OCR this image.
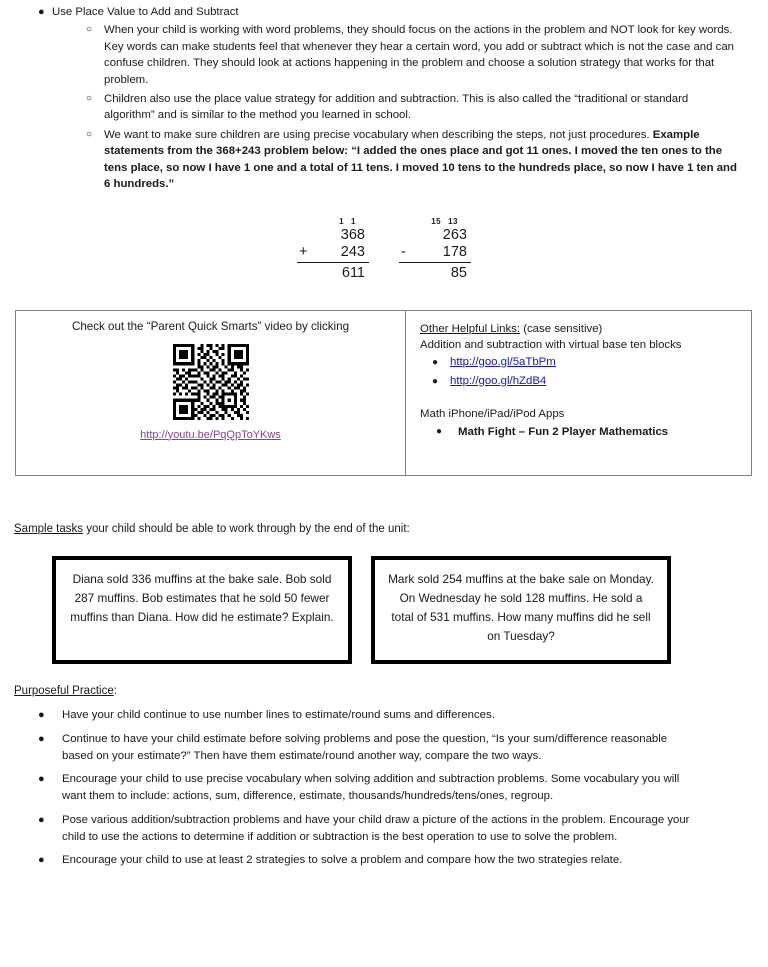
● Use Place Value to Add and Subtract
○	When your child is working with word problems, they should focus on the actions in the problem and NOT look for key words. Key words can make students feel that whenever they hear a certain word, you add or subtract which is not the case and can confuse children. They should look at actions happening in the problem and choose a solution strategy that works for that problem.
○	Children also use the place value strategy for addition and subtraction. This is also called the “traditional or standard algorithm” and is similar to the method you learned in school.
○	We want to make sure children are using precise vocabulary when describing the steps, not just procedures. Example statements from the 368+243 problem below: “I added the ones place and got 11 ones. I moved the ten ones to the tens place, so now I have 1 one and a total of 11 tens. I moved 10 tens to the hundreds place, so now I have 1 ten and 6 hundreds.”
1 1
368
+ 243
611
15 13
263
-	178
85
Check out the “Parent Quick Smarts” video by clicking
http://youtu.be/PqQpToYKws
Other Helpful Links: (case sensitive)
Addition and subtraction with virtual base ten blocks
●	http://goo.gl/5aTbPm
●	http://goo.gl/hZdB4
Math iPhone/iPad/iPod Apps
●	Math Fight – Fun 2 Player Mathematics
Sample tasks your child should be able to work through by the end of the unit:

Diana sold 336 muffins at the bake sale. Bob sold 287 muffins. Bob estimates that he sold 50 fewer muffins than Diana. How did he estimate? Explain.

Mark sold 254 muffins at the bake sale on Monday. On Wednesday he sold 128 muffins. He sold a total of 531 muffins. How many muffins did he sell on Tuesday?

Purposeful Practice:
●	Have your child continue to use number lines to estimate/round sums and differences.
●	Continue to have your child estimate before solving problems and pose the question, “Is your sum/difference reasonable based on your estimate?” Then have them estimate/round another way, compare the two ways.
●	Encourage your child to use precise vocabulary when solving addition and subtraction problems. Some vocabulary you will want them to include: actions, sum, difference, estimate, thousands/hundreds/tens/ones, regroup.
●	Pose various addition/subtraction problems and have your child draw a picture of the actions in the problem. Encourage your child to use the actions to determine if addition or subtraction is the best operation to use to solve the problem.
●	Encourage your child to use at least 2 strategies to solve a problem and compare how the two strategies relate.
